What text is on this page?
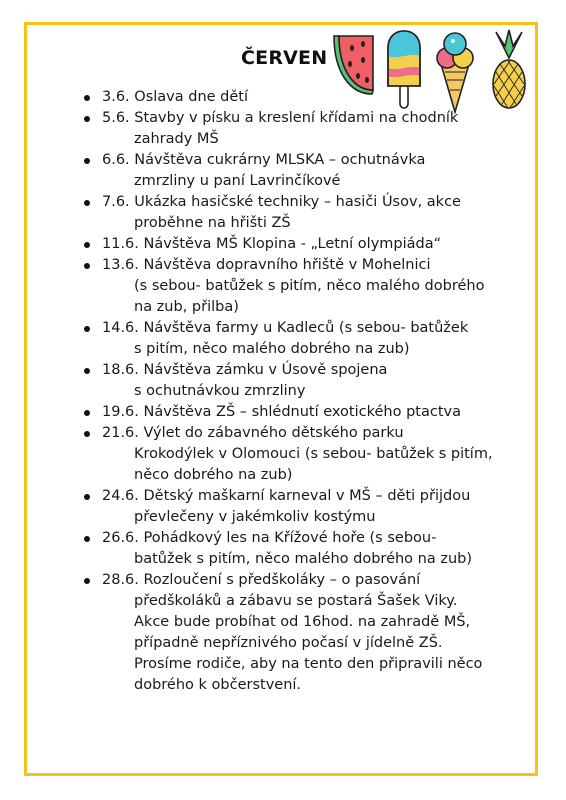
ČERVEN
3.6. Oslava dne dětí
5.6. Stavby v písku a kreslení křídami na chodník
zahrady MŠ
6.6. Návštěva cukrárny MLSKA – ochutnávka
zmrzliny u paní Lavrinčíkové
7.6. Ukázka hasičské techniky – hasiči Úsov, akce
proběhne na hřišti ZŠ
11.6. Návštěva MŠ Klopina - „Letní olympiáda“
13.6. Návštěva dopravního hřiště v Mohelnici
(s sebou- batůžek s pitím, něco malého dobrého
na zub, přilba)
14.6. Návštěva farmy u Kadleců (s sebou- batůžek
s pitím, něco malého dobrého na zub)
18.6. Návštěva zámku v Úsově spojena
s ochutnávkou zmrzliny
19.6. Návštěva ZŠ – shlédnutí exotického ptactva
21.6. Výlet do zábavného dětského parku
Krokodýlek v Olomouci (s sebou- batůžek s pitím,
něco dobrého na zub)
24.6. Dětský maškarní karneval v MŠ – děti přijdou
převlečeny v jakémkoliv kostýmu
26.6. Pohádkový les na Křížové hoře (s sebou-
batůžek s pitím, něco malého dobrého na zub)
28.6. Rozloučení s předškoláky – o pasování
předškoláků a zábavu se postará Šašek Viky.
Akce bude probíhat od 16hod. na zahradě MŠ,
případně nepříznivého počasí v jídelně ZŠ.
Prosíme rodiče, aby na tento den připravili něco
dobrého k občerstvení.
